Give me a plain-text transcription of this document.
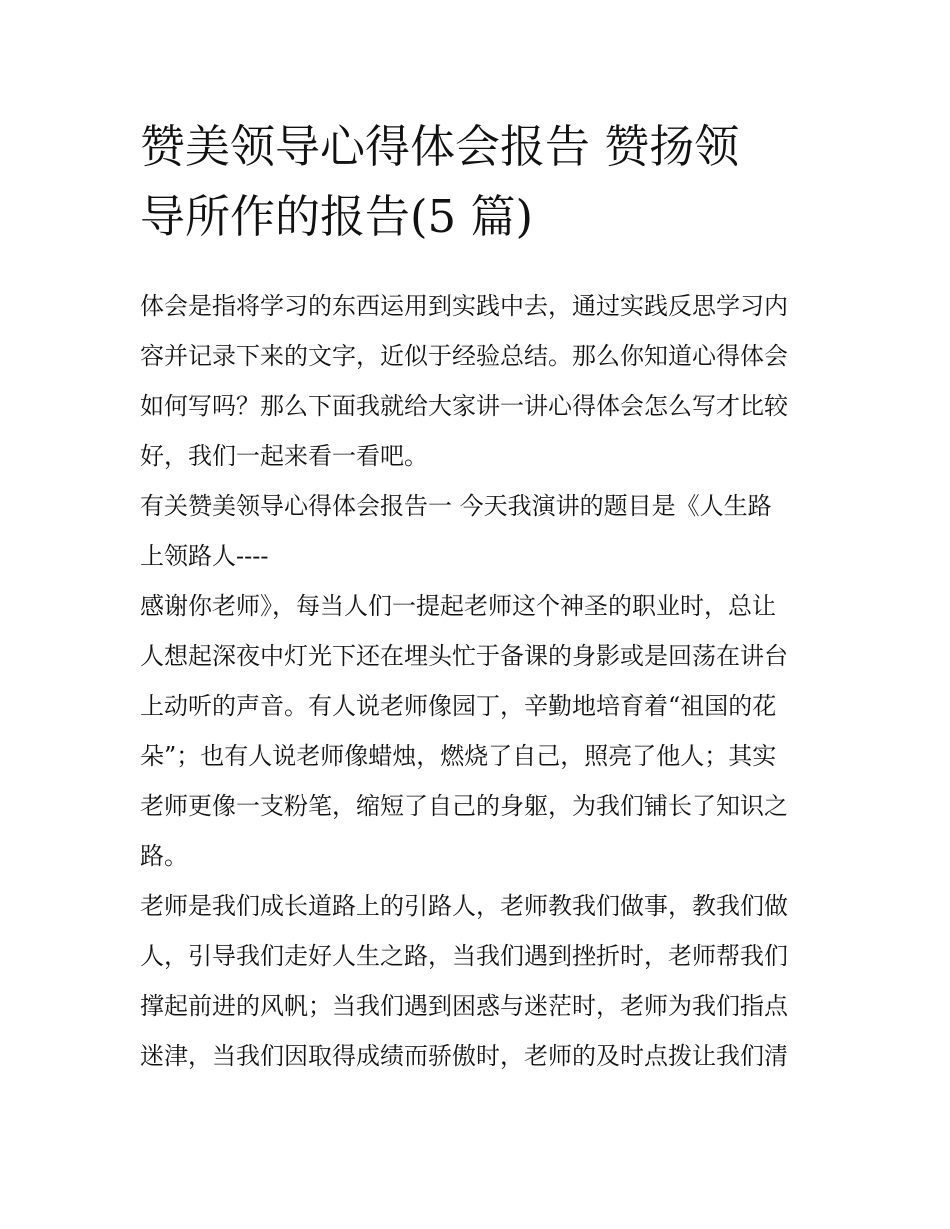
赞美领导心得体会报告 赞扬领
导所作的报告(5 篇)
体会是指将学习的东西运用到实践中去，通过实践反思学习内
容并记录下来的文字，近似于经验总结。那么你知道心得体会
如何写吗？那么下面我就给大家讲一讲心得体会怎么写才比较
好，我们一起来看一看吧。
有关赞美领导心得体会报告一 今天我演讲的题目是《人生路
上领路人----
感谢你老师》，每当人们一提起老师这个神圣的职业时，总让
人想起深夜中灯光下还在埋头忙于备课的身影或是回荡在讲台
上动听的声音。有人说老师像园丁，辛勤地培育着“祖国的花
朵”；也有人说老师像蜡烛，燃烧了自己，照亮了他人；其实
老师更像一支粉笔，缩短了自己的身躯，为我们铺长了知识之
路。
老师是我们成长道路上的引路人，老师教我们做事，教我们做
人，引导我们走好人生之路，当我们遇到挫折时，老师帮我们
撑起前进的风帆；当我们遇到困惑与迷茫时，老师为我们指点
迷津，当我们因取得成绩而骄傲时，老师的及时点拨让我们清
